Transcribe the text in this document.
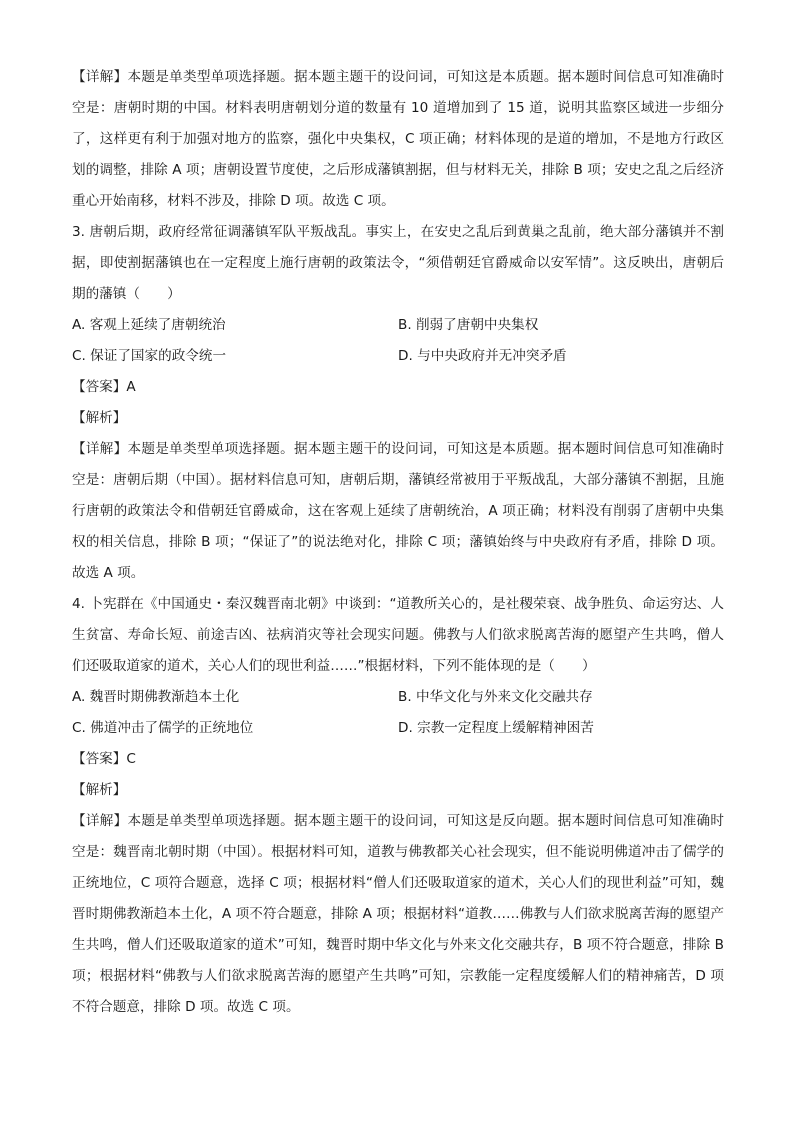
【详解】本题是单类型单项选择题。据本题主题干的设问词，可知这是本质题。据本题时间信息可知准确时空是：唐朝时期的中国。材料表明唐朝划分道的数量有 10 道增加到了 15 道，说明其监察区域进一步细分了，这样更有利于加强对地方的监察，强化中央集权，C 项正确；材料体现的是道的增加，不是地方行政区划的调整，排除 A 项；唐朝设置节度使，之后形成藩镇割据，但与材料无关，排除 B 项；安史之乱之后经济重心开始南移，材料不涉及，排除 D 项。故选 C 项。

3. 唐朝后期，政府经常征调藩镇军队平叛战乱。事实上，在安史之乱后到黄巢之乱前，绝大部分藩镇并不割据，即使割据藩镇也在一定程度上施行唐朝的政策法令，“须借朝廷官爵威命以安军情”。这反映出，唐朝后期的藩镇（　　）

A. 客观上延续了唐朝统治	B. 削弱了唐朝中央集权
C. 保证了国家的政令统一	D. 与中央政府并无冲突矛盾
【答案】A
【解析】

【详解】本题是单类型单项选择题。据本题主题干的设问词，可知这是本质题。据本题时间信息可知准确时空是：唐朝后期（中国）。据材料信息可知，唐朝后期，藩镇经常被用于平叛战乱，大部分藩镇不割据，且施行唐朝的政策法令和借朝廷官爵威命，这在客观上延续了唐朝统治，A 项正确；材料没有削弱了唐朝中央集权的相关信息，排除 B 项；“保证了”的说法绝对化，排除 C 项；藩镇始终与中央政府有矛盾，排除 D 项。故选 A 项。

4. 卜宪群在《中国通史・秦汉魏晋南北朝》中谈到：“道教所关心的，是社稷荣衰、战争胜负、命运穷达、人生贫富、寿命长短、前途吉凶、祛病消灾等社会现实问题。佛教与人们欲求脱离苦海的愿望产生共鸣，僧人们还吸取道家的道术，关心人们的现世利益……”根据材料，下列不能体现的是（　　）

A. 魏晋时期佛教渐趋本土化	B. 中华文化与外来文化交融共存
C. 佛道冲击了儒学的正统地位	D. 宗教一定程度上缓解精神困苦
【答案】C
【解析】

【详解】本题是单类型单项选择题。据本题主题干的设问词，可知这是反向题。据本题时间信息可知准确时空是：魏晋南北朝时期（中国）。根据材料可知，道教与佛教都关心社会现实，但不能说明佛道冲击了儒学的正统地位，C 项符合题意，选择 C 项；根据材料“僧人们还吸取道家的道术，关心人们的现世利益”可知，魏晋时期佛教渐趋本土化，A 项不符合题意，排除 A 项；根据材料“道教……佛教与人们欲求脱离苦海的愿望产生共鸣，僧人们还吸取道家的道术”可知，魏晋时期中华文化与外来文化交融共存，B 项不符合题意，排除 B 项；根据材料“佛教与人们欲求脱离苦海的愿望产生共鸣”可知，宗教能一定程度缓解人们的精神痛苦，D 项不符合题意，排除 D 项。故选 C 项。
